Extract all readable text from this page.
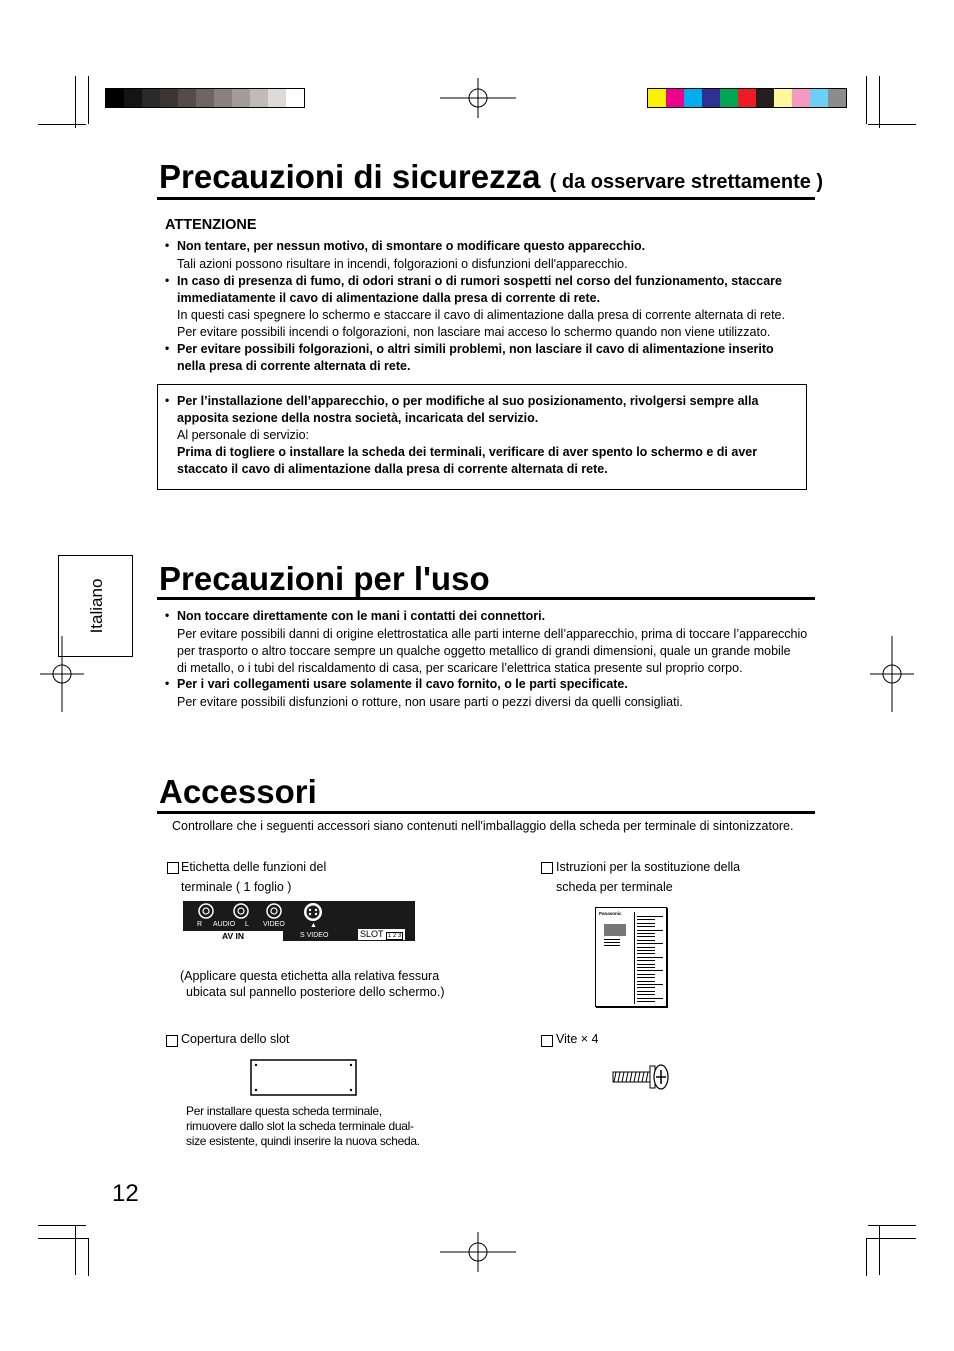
Precauzioni di sicurezza ( da osservare strettamente )
ATTENZIONE
• Non tentare, per nessun motivo, di smontare o modificare questo apparecchio.
Tali azioni possono risultare in incendi, folgorazioni o disfunzioni dell'apparecchio.
• In caso di presenza di fumo, di odori strani o di rumori sospetti nel corso del funzionamento, staccare
immediatamente il cavo di alimentazione dalla presa di corrente di rete.
In questi casi spegnere lo schermo e staccare il cavo di alimentazione dalla presa di corrente alternata di rete.
Per evitare possibili incendi o folgorazioni, non lasciare mai acceso lo schermo quando non viene utilizzato.
• Per evitare possibili folgorazioni, o altri simili problemi, non lasciare il cavo di alimentazione inserito
nella presa di corrente alternata di rete.
• Per l’installazione dell’apparecchio, o per modifiche al suo posizionamento, rivolgersi sempre alla
apposita sezione della nostra società, incaricata del servizio.
Al personale di servizio:
Prima di togliere o installare la scheda dei terminali, verificare di aver spento lo schermo e di aver
staccato il cavo di alimentazione dalla presa di corrente alternata di rete.
Italiano
Precauzioni per l'uso
• Non toccare direttamente con le mani i contatti dei connettori.
Per evitare possibili danni di origine elettrostatica alle parti interne dell’apparecchio, prima di toccare l’apparecchio
per trasporto o altro toccare sempre un qualche oggetto metallico di grandi dimensioni, quale un grande mobile
di metallo, o i tubi del riscaldamento di casa, per scaricare l’elettrica statica presente sul proprio corpo.
• Per i vari collegamenti usare solamente il cavo fornito, o le parti specificate.
Per evitare possibili disfunzioni o rotture, non usare parti o pezzi diversi da quelli consigliati.
Accessori
Controllare che i seguenti accessori siano contenuti nell'imballaggio della scheda per terminale di sintonizzatore.
Etichetta delle funzioni del
terminale ( 1 foglio )
R AUDIO L VIDEO	▲
AV IN	S VIDEO	SLOT 1 2 3
(Applicare questa etichetta alla relativa fessura
ubicata sul pannello posteriore dello schermo.)
Istruzioni per la sostituzione della
scheda per terminale
Panasonic
Copertura dello slot
Per installare questa scheda terminale,
rimuovere dallo slot la scheda terminale dual-
size esistente, quindi inserire la nuova scheda.
Vite × 4
12
